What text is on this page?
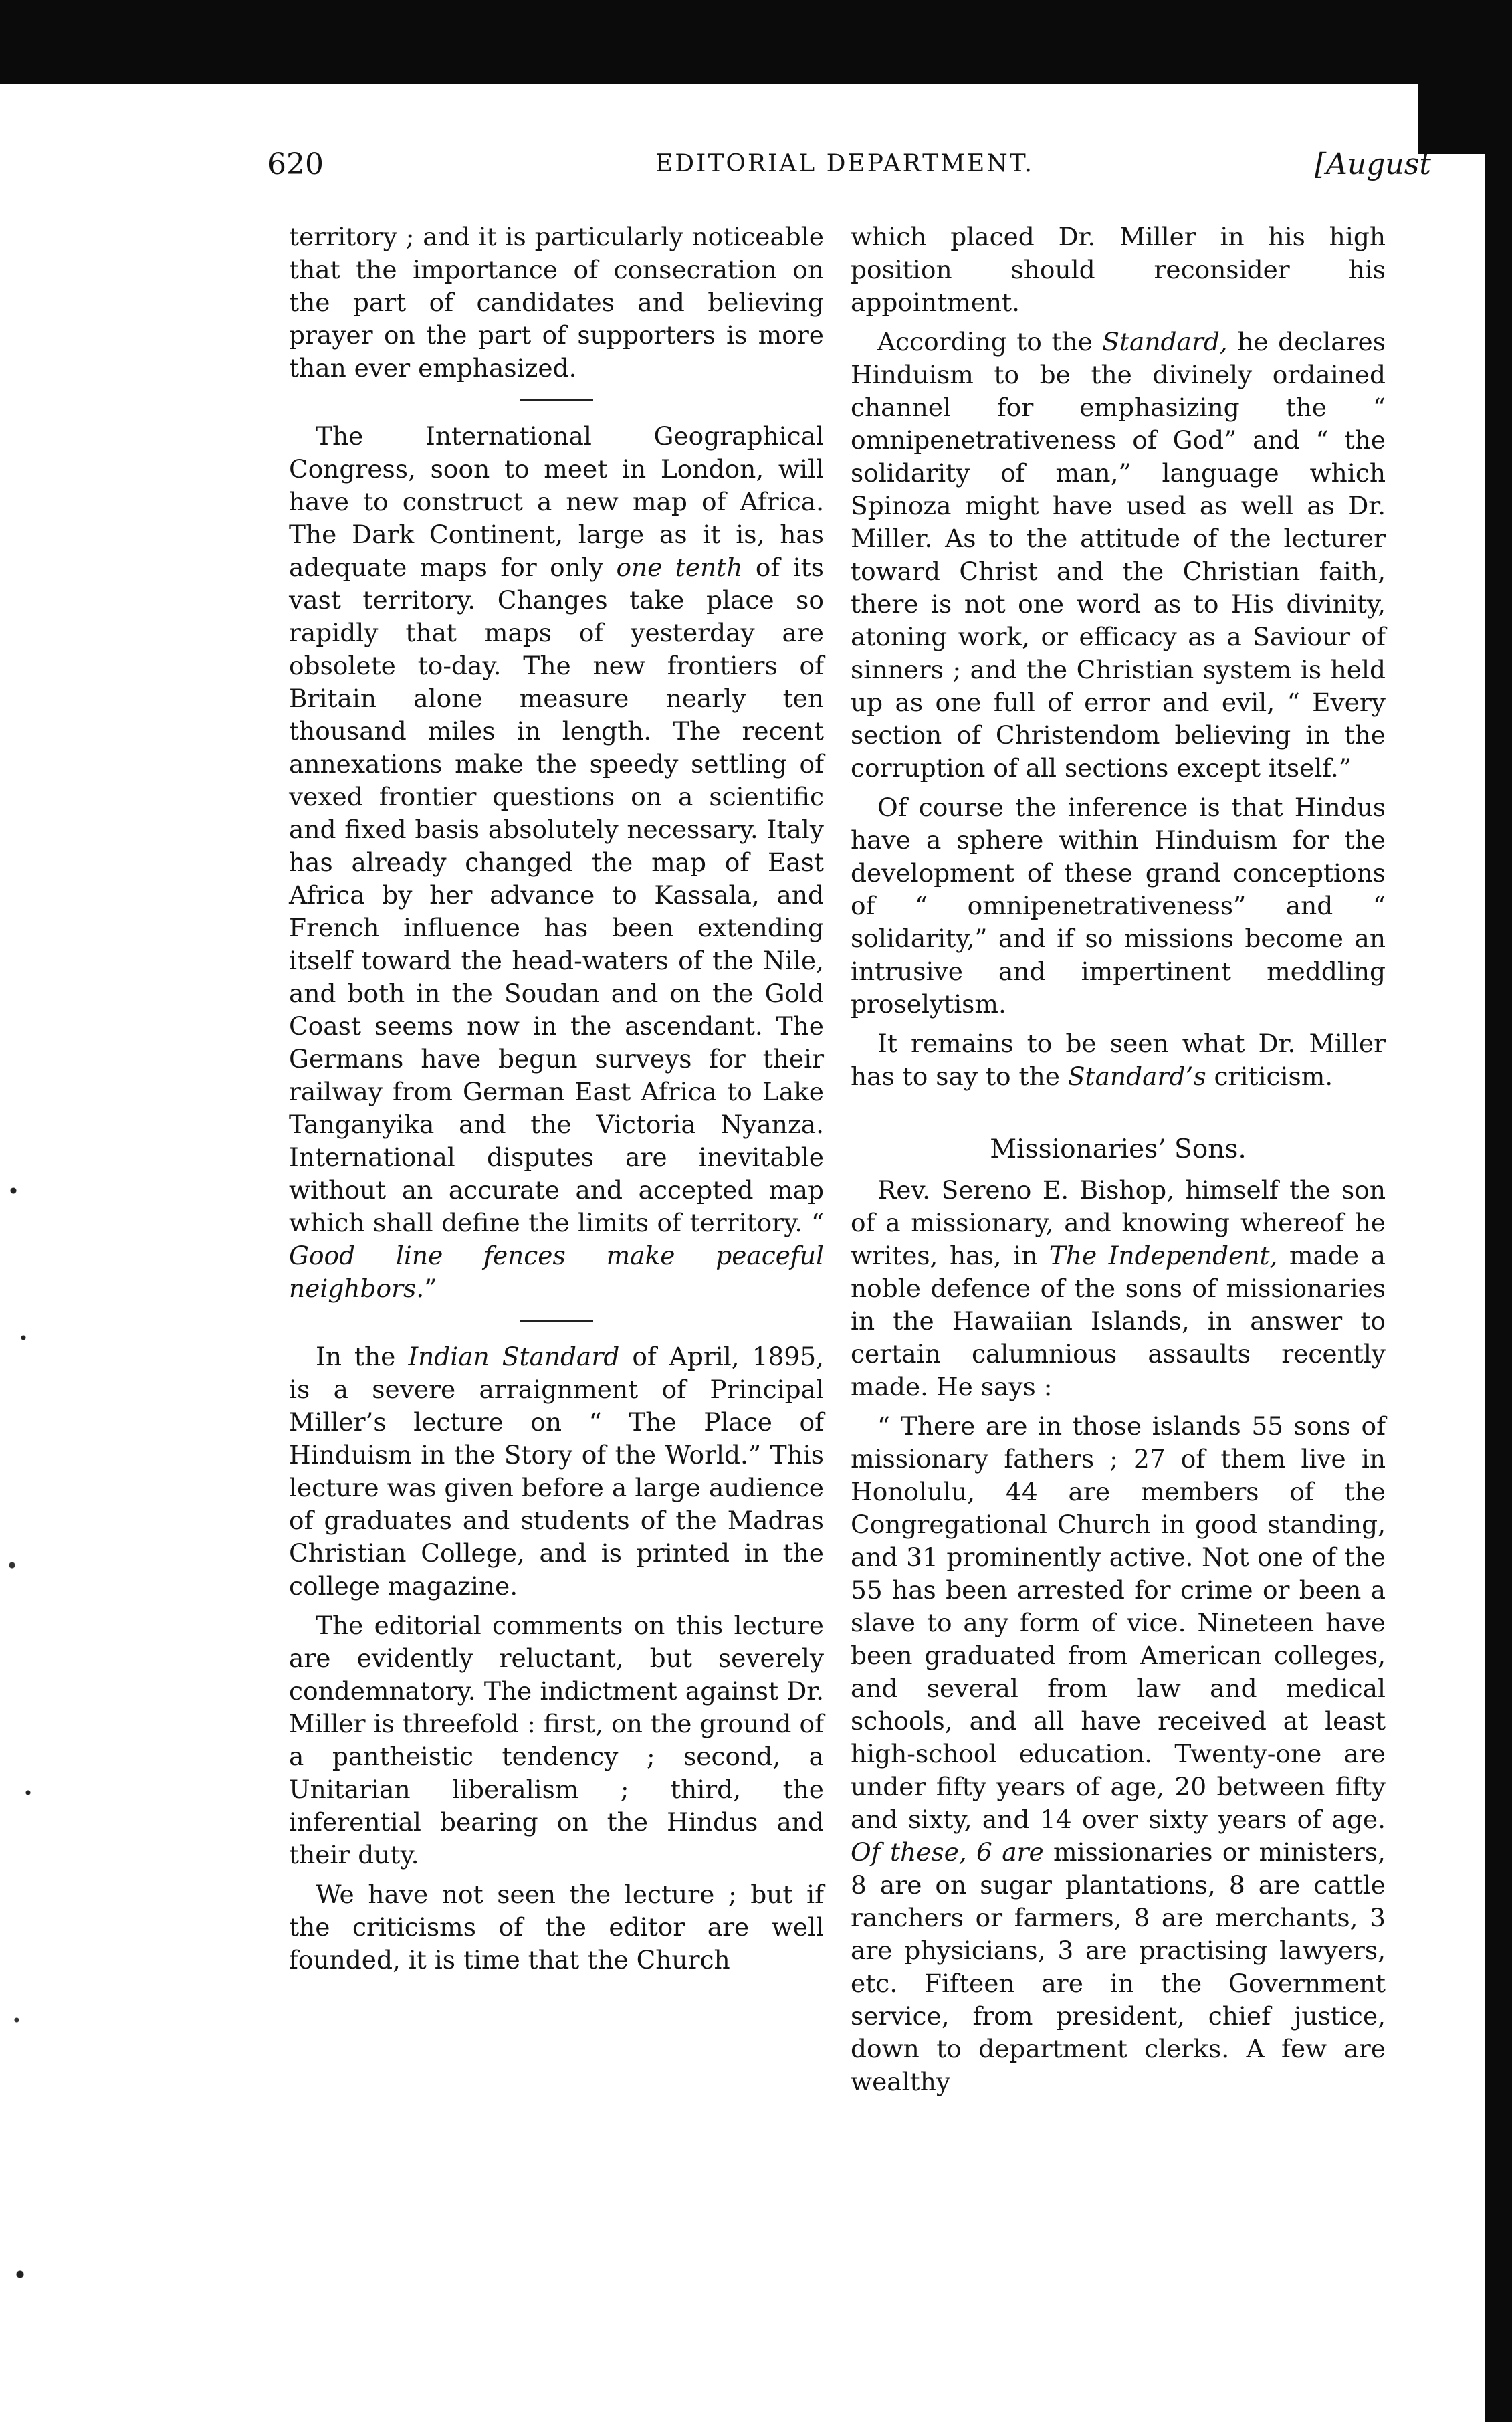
620	EDITORIAL DEPARTMENT.	[August

territory ; and it is particularly noticeable that the importance of consecration on the part of candidates and believing prayer on the part of supporters is more than ever emphasized.

The International Geographical Congress, soon to meet in London, will have to construct a new map of Africa. The Dark Continent, large as it is, has adequate maps for only one tenth of its vast territory. Changes take place so rapidly that maps of yesterday are obsolete to-day. The new frontiers of Britain alone measure nearly ten thousand miles in length. The recent annexations make the speedy settling of vexed frontier questions on a scientific and fixed basis absolutely necessary. Italy has already changed the map of East Africa by her advance to Kassala, and French influence has been extending itself toward the head-waters of the Nile, and both in the Soudan and on the Gold Coast seems now in the ascendant. The Germans have begun surveys for their railway from German East Africa to Lake Tanganyika and the Victoria Nyanza. International disputes are inevitable without an accurate and accepted map which shall define the limits of territory. “ Good line fences make peaceful neighbors.”

In the Indian Standard of April, 1895, is a severe arraignment of Principal Miller’s lecture on “ The Place of Hinduism in the Story of the World.” This lecture was given before a large audience of graduates and students of the Madras Christian College, and is printed in the college magazine.

The editorial comments on this lecture are evidently reluctant, but severely condemnatory. The indictment against Dr. Miller is threefold : first, on the ground of a pantheistic tendency ; second, a Unitarian liberalism ; third, the inferential bearing on the Hindus and their duty.

We have not seen the lecture ; but if the criticisms of the editor are well founded, it is time that the Church

which placed Dr. Miller in his high position should reconsider his appointment.

According to the Standard, he declares Hinduism to be the divinely ordained channel for emphasizing the “ omnipenetrativeness of God” and “ the solidarity of man,” language which Spinoza might have used as well as Dr. Miller. As to the attitude of the lecturer toward Christ and the Christian faith, there is not one word as to His divinity, atoning work, or efficacy as a Saviour of sinners ; and the Christian system is held up as one full of error and evil, “ Every section of Christendom believing in the corruption of all sections except itself.”

Of course the inference is that Hindus have a sphere within Hinduism for the development of these grand conceptions of “ omnipenetrativeness” and “ solidarity,” and if so missions become an intrusive and impertinent meddling proselytism.

It remains to be seen what Dr. Miller has to say to the Standard’s criticism.

Missionaries’ Sons.

Rev. Sereno E. Bishop, himself the son of a missionary, and knowing whereof he writes, has, in The Independent, made a noble defence of the sons of missionaries in the Hawaiian Islands, in answer to certain calumnious assaults recently made. He says :

“ There are in those islands 55 sons of missionary fathers ; 27 of them live in Honolulu, 44 are members of the Congregational Church in good standing, and 31 prominently active. Not one of the 55 has been arrested for crime or been a slave to any form of vice. Nineteen have been graduated from American colleges, and several from law and medical schools, and all have received at least high-school education. Twenty-one are under fifty years of age, 20 between fifty and sixty, and 14 over sixty years of age. Of these, 6 are missionaries or ministers, 8 are on sugar plantations, 8 are cattle ranchers or farmers, 8 are merchants, 3 are physicians, 3 are practising lawyers, etc. Fifteen are in the Government service, from president, chief justice, down to department clerks. A few are wealthy
